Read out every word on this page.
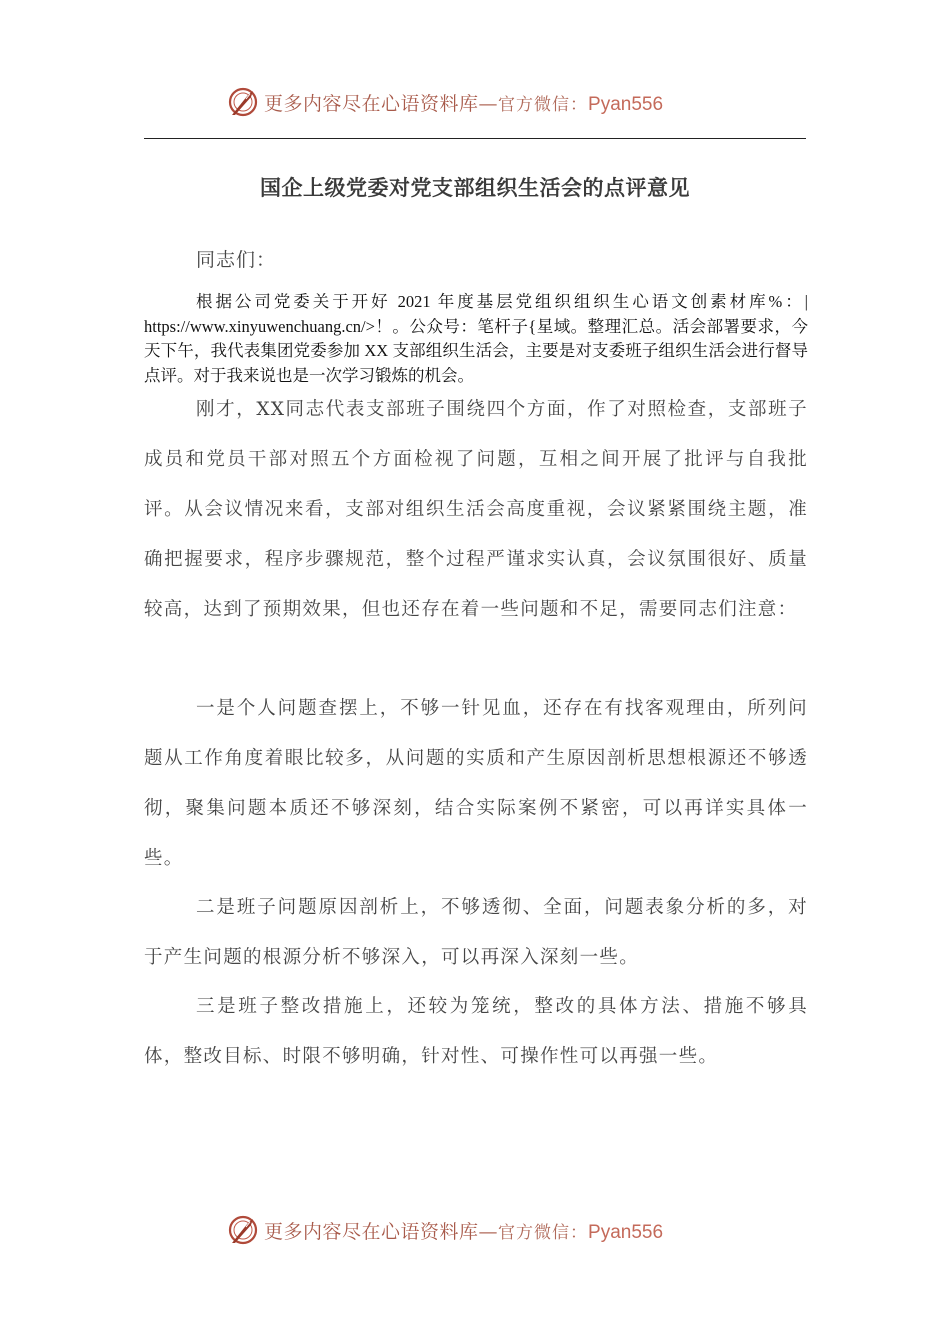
更多内容尽在心语资料库—官方微信：Pyan556
国企上级党委对党支部组织生活会的点评意见
同志们：
根据公司党委关于开好 2021 年度基层党组织组织生心语文创素材库%：| https://www.xinyuwenchuang.cn/>！。公众号：笔杆子{星域。整理汇总。活会部署要求，今天下午，我代表集团党委参加 XX 支部组织生活会，主要是对支委班子组织生活会进行督导点评。对于我来说也是一次学习锻炼的机会。
刚才，XX同志代表支部班子围绕四个方面，作了对照检查，支部班子成员和党员干部对照五个方面检视了问题，互相之间开展了批评与自我批评。从会议情况来看，支部对组织生活会高度重视，会议紧紧围绕主题，准确把握要求，程序步骤规范，整个过程严谨求实认真，会议氛围很好、质量较高，达到了预期效果，但也还存在着一些问题和不足，需要同志们注意：
一是个人问题查摆上，不够一针见血，还存在有找客观理由，所列问题从工作角度着眼比较多，从问题的实质和产生原因剖析思想根源还不够透彻，聚集问题本质还不够深刻，结合实际案例不紧密，可以再详实具体一些。
二是班子问题原因剖析上，不够透彻、全面，问题表象分析的多，对于产生问题的根源分析不够深入，可以再深入深刻一些。
三是班子整改措施上，还较为笼统，整改的具体方法、措施不够具体，整改目标、时限不够明确，针对性、可操作性可以再强一些。
更多内容尽在心语资料库—官方微信：Pyan556
